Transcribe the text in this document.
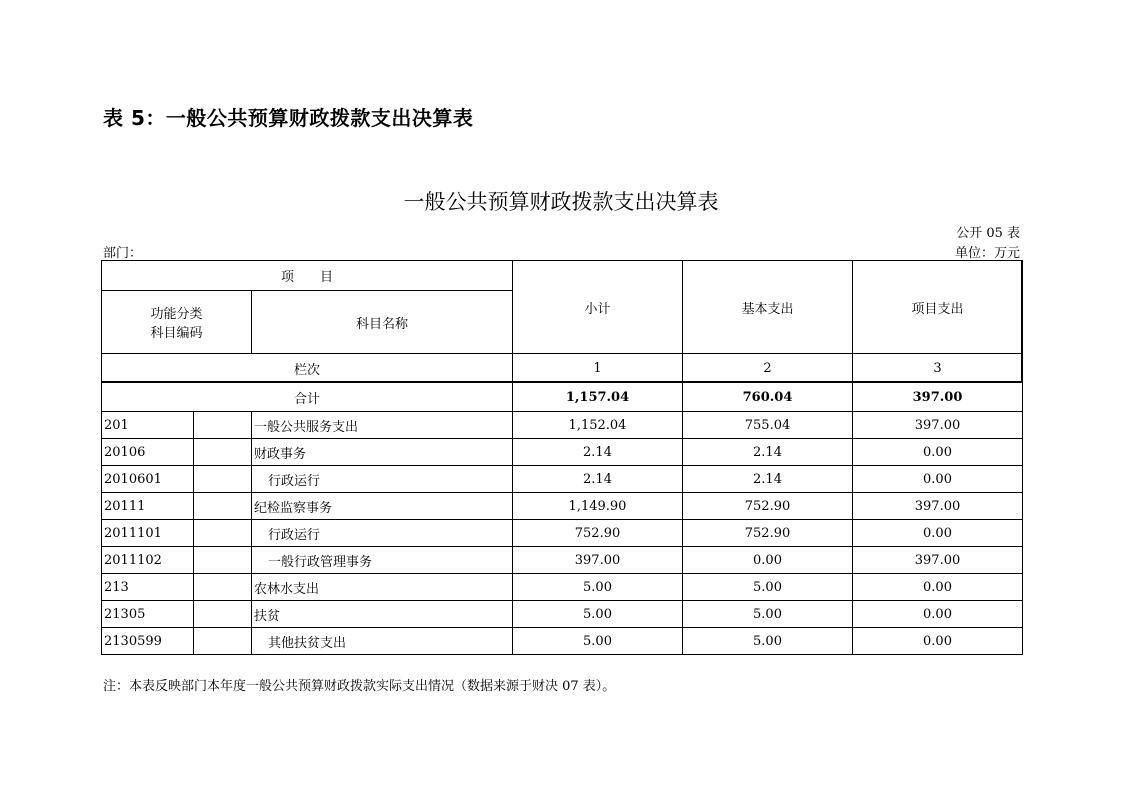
表 5：一般公共预算财政拨款支出决算表
一般公共预算财政拨款支出决算表
公开 05 表
部门：	单位：万元
项　　目			小计	基本支出	项目支出

功能分类
科目编码		科目名称			

栏次			1	2	3
合计			1,157.04	760.04	397.00
201		一般公共服务支出	1,152.04	755.04	397.00
20106		财政事务	2.14	2.14	0.00
2010601		行政运行	2.14	2.14	0.00
20111		纪检监察事务	1,149.90	752.90	397.00
2011101		行政运行	752.90	752.90	0.00
2011102		一般行政管理事务	397.00	0.00	397.00
213		农林水支出	5.00	5.00	0.00
21305		扶贫	5.00	5.00	0.00
2130599		其他扶贫支出	5.00	5.00	0.00
注：本表反映部门本年度一般公共预算财政拨款实际支出情况（数据来源于财决 07 表）。
